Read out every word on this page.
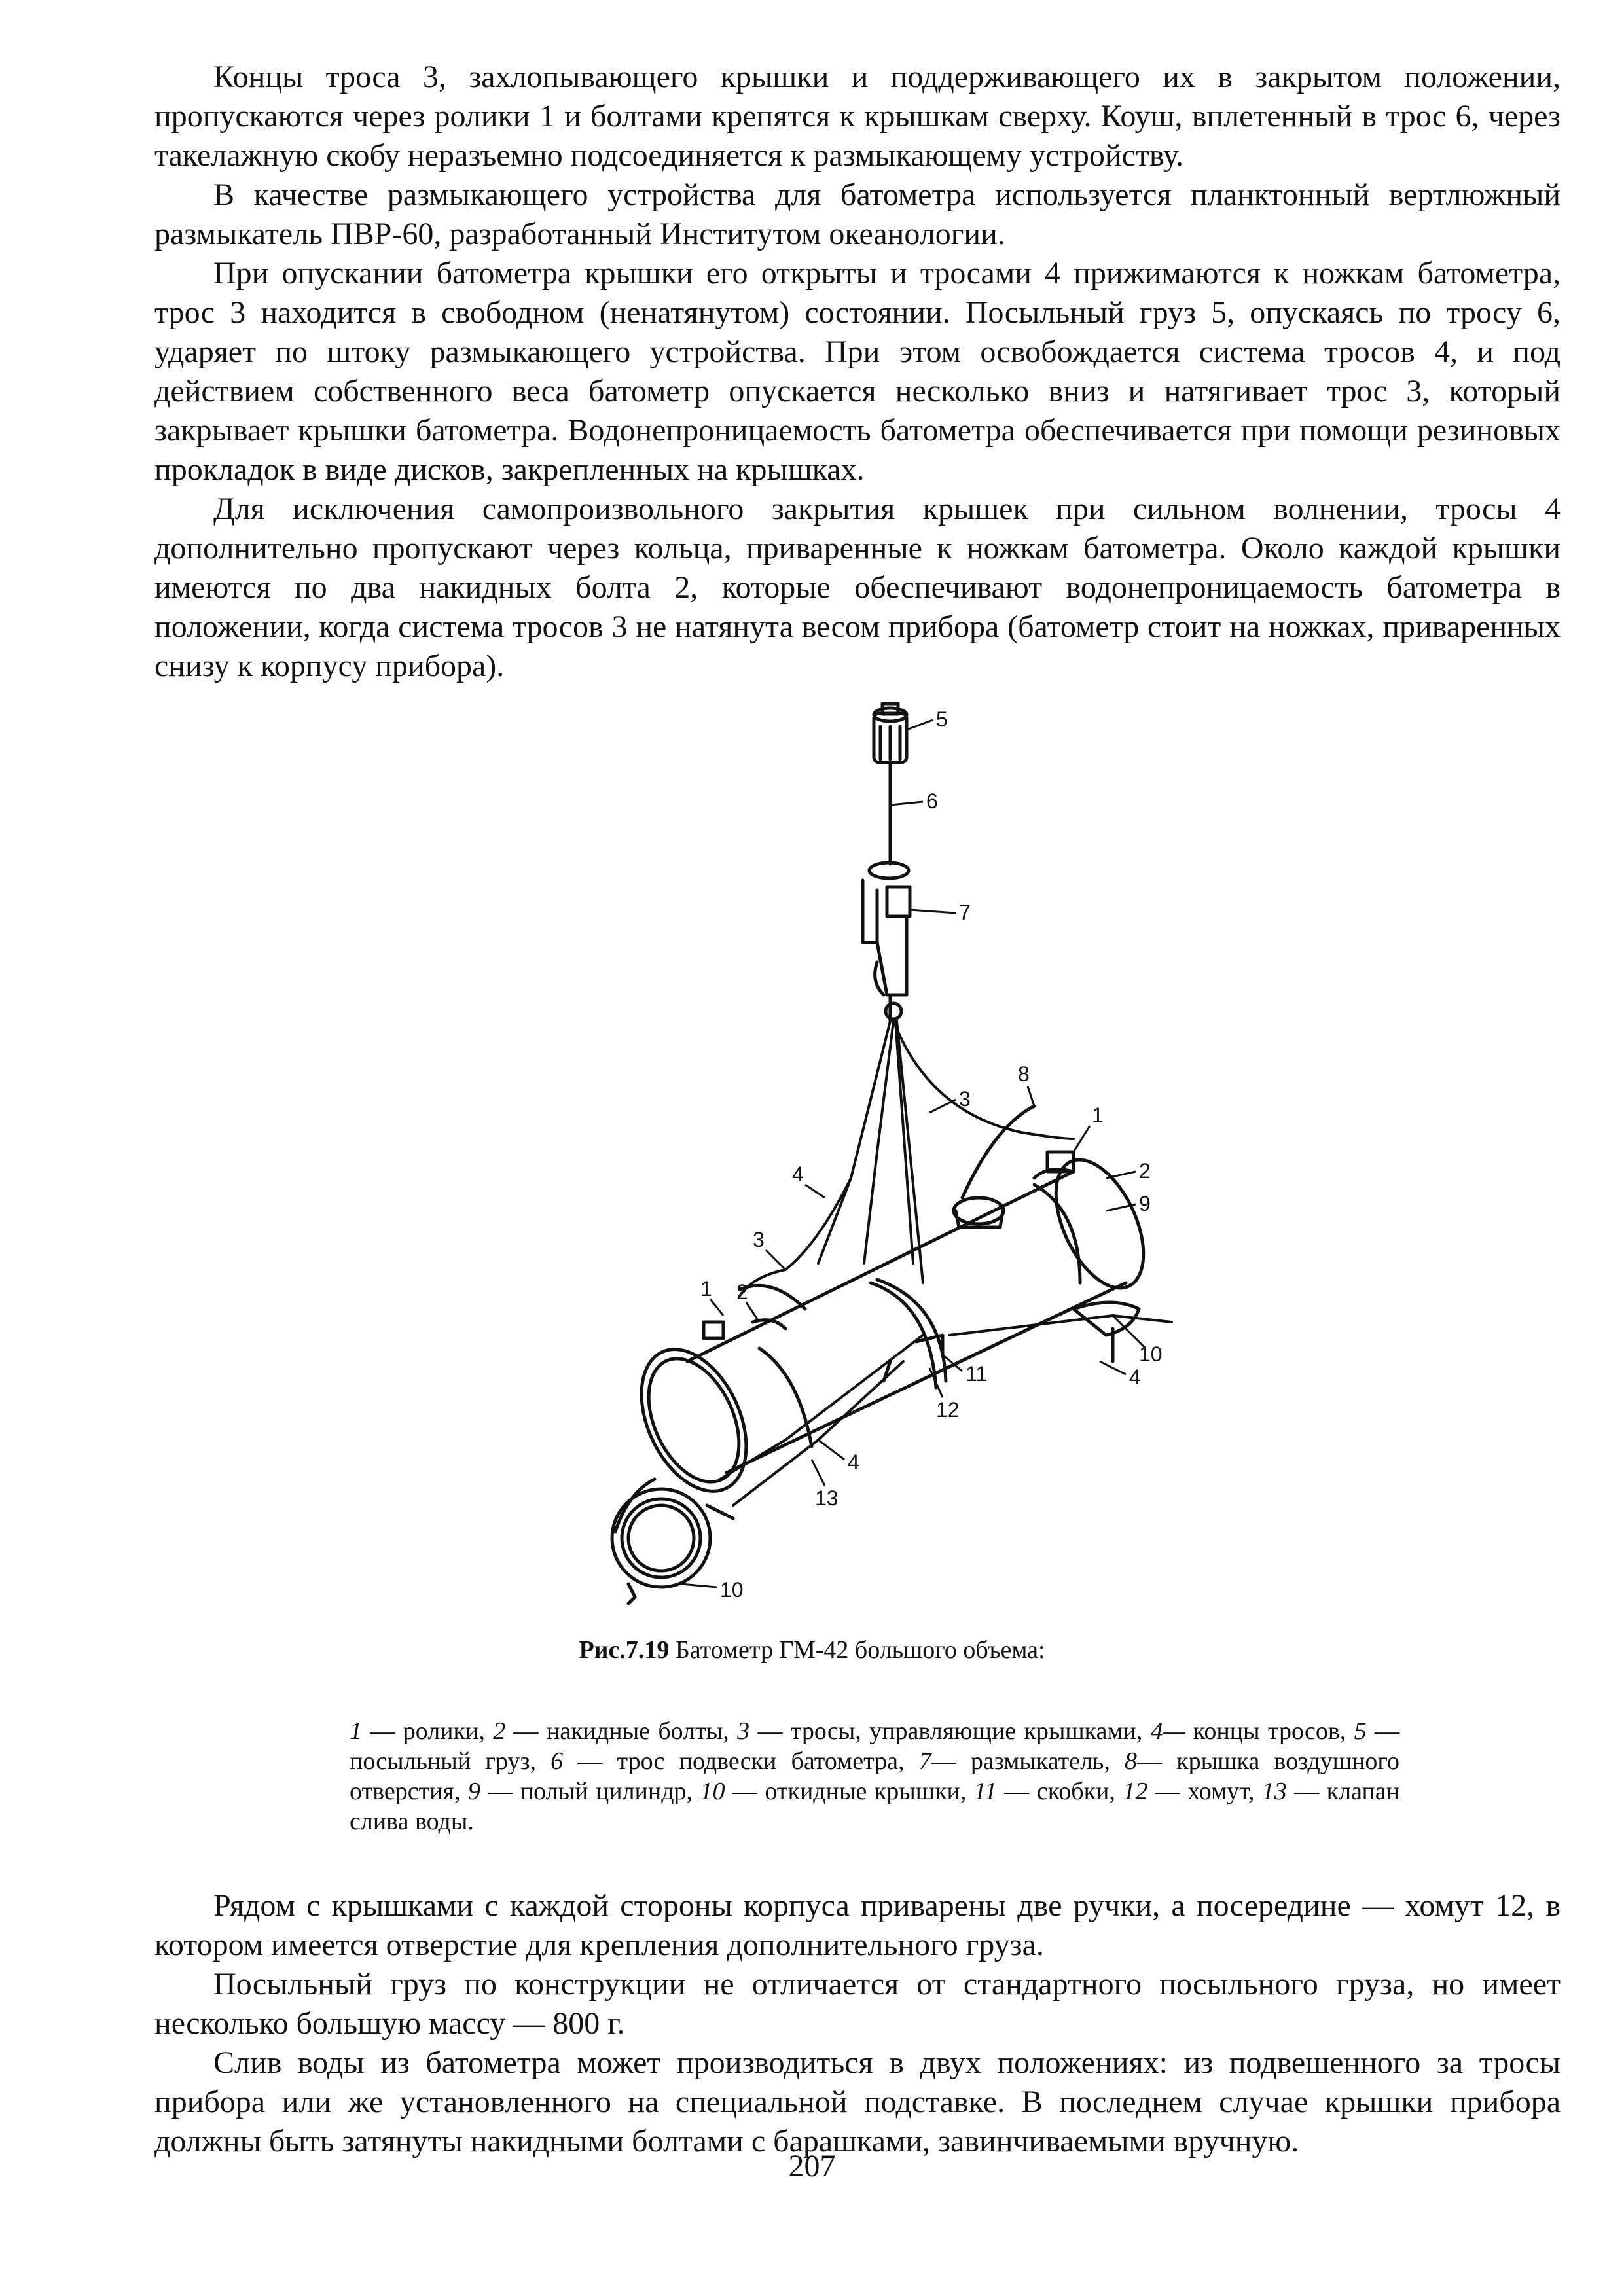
Концы троса 3, захлопывающего крышки и поддерживающего их в закрытом положении, пропускаются через ролики 1 и болтами крепятся к крышкам сверху. Коуш, вплетенный в трос 6, через такелажную скобу неразъемно подсоединяется к размыкающему устройству.

В качестве размыкающего устройства для батометра используется планктонный вертлюжный размыкатель ПВР-60, разработанный Институтом океанологии.

При опускании батометра крышки его открыты и тросами 4 прижимаются к ножкам батометра, трос 3 находится в свободном (ненатянутом) состоянии. Посыльный груз 5, опускаясь по тросу 6, ударяет по штоку размыкающего устройства. При этом освобождается система тросов 4, и под действием собственного веса батометр опускается несколько вниз и натягивает трос 3, который закрывает крышки батометра. Водонепроницаемость батометра обеспечивается при помощи резиновых прокладок в виде дисков, закрепленных на крышках.

Для исключения самопроизвольного закрытия крышек при сильном волнении, тросы 4 дополнительно пропускают через кольца, приваренные к ножкам батометра. Около каждой крышки имеются по два накидных болта 2, которые обеспечивают водонепроницаемость батометра в положении, когда система тросов 3 не натянута весом прибора (батометр стоит на ножках, приваренных снизу к корпусу прибора).

5
6
7
3
8
1
2
9
4
3
1 2
10
4
11
12
4
13
10
Рис.7.19 Батометр ГМ-42 большого объема:

1 — ролики, 2 — накидные болты, 3 — тросы, управляющие крышками, 4— концы тросов, 5 — посыльный груз, 6 — трос подвески батометра, 7— размыкатель, 8— крышка воздушного отверстия, 9 — полый цилиндр, 10 — откидные крышки, 11 — скобки, 12 — хомут, 13 — клапан слива воды.

Рядом с крышками с каждой стороны корпуса приварены две ручки, а посередине — хомут 12, в котором имеется отверстие для крепления дополнительного груза.

Посыльный груз по конструкции не отличается от стандартного посыльного груза, но имеет несколько большую массу — 800 г.

Слив воды из батометра может производиться в двух положениях: из подвешенного за тросы прибора или же установленного на специальной подставке. В последнем случае крышки прибора должны быть затянуты накидными болтами с барашками, завинчиваемыми вручную.

207
